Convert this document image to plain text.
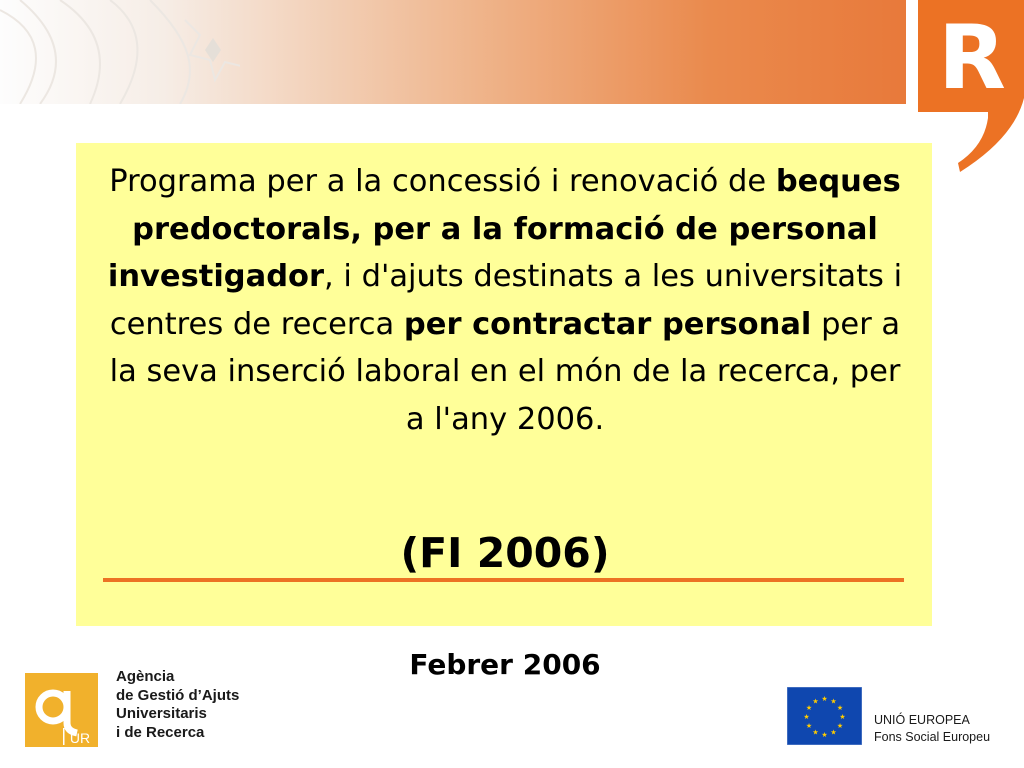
R
Programa per a la concessió i renovació de beques predoctorals, per a la formació de personal investigador, i d'ajuts destinats a les universitats i centres de recerca per contractar personal per a la seva inserció laboral en el món de la recerca, per a l'any 2006.
(FI 2006)
Febrer 2006
UR
Agència
de Gestió d’Ajuts
Universitaris
i de Recerca
★ ★
★
★
★
★
★
★
★
★
★
★
UNIÓ EUROPEA
Fons Social Europeu
